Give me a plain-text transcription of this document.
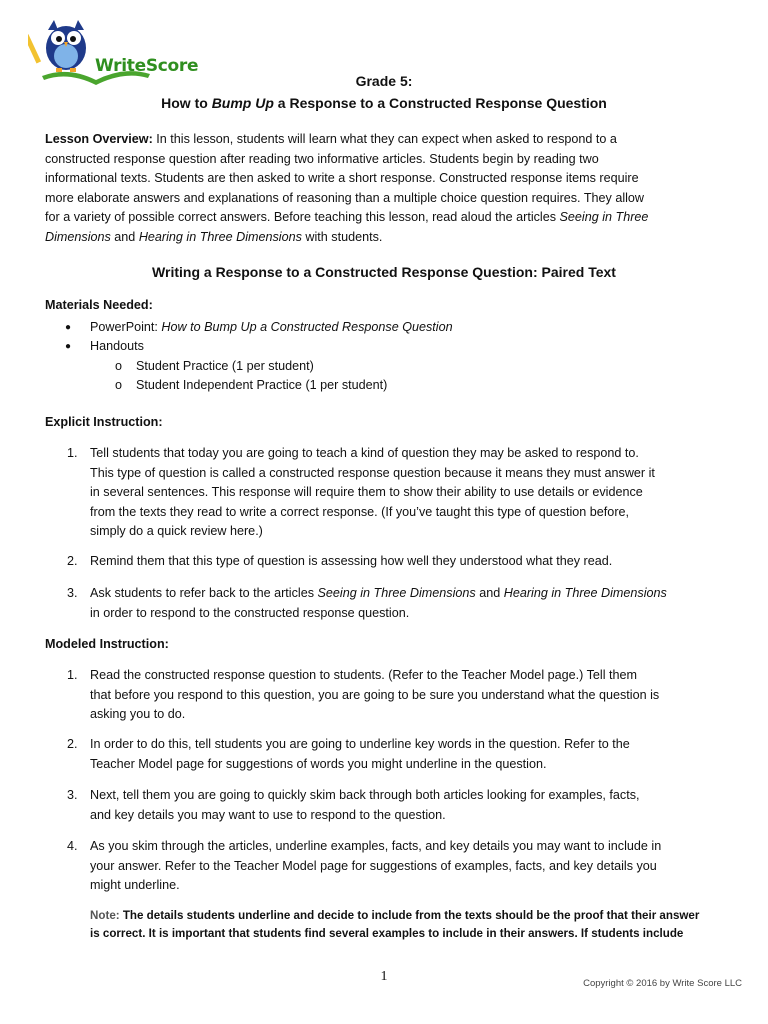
WriteScore
Grade 5:
How to Bump Up a Response to a Constructed Response Question
Lesson Overview: In this lesson, students will learn what they can expect when asked to respond to a
constructed response question after reading two informative articles. Students begin by reading two
informational texts. Students are then asked to write a short response. Constructed response items require
more elaborate answers and explanations of reasoning than a multiple choice question requires. They allow
for a variety of possible correct answers. Before teaching this lesson, read aloud the articles Seeing in Three
Dimensions and Hearing in Three Dimensions with students.
Writing a Response to a Constructed Response Question: Paired Text
Materials Needed:
● PowerPoint: How to Bump Up a Constructed Response Question
● Handouts
o Student Practice (1 per student)
o Student Independent Practice (1 per student)
Explicit Instruction:
1. Tell students that today you are going to teach a kind of question they may be asked to respond to.
This type of question is called a constructed response question because it means they must answer it
in several sentences. This response will require them to show their ability to use details or evidence
from the texts they read to write a correct response. (If you’ve taught this type of question before,
simply do a quick review here.)
2. Remind them that this type of question is assessing how well they understood what they read.
3. Ask students to refer back to the articles Seeing in Three Dimensions and Hearing in Three Dimensions
in order to respond to the constructed response question.
Modeled Instruction:
1. Read the constructed response question to students. (Refer to the Teacher Model page.) Tell them
that before you respond to this question, you are going to be sure you understand what the question is
asking you to do.
2. In order to do this, tell students you are going to underline key words in the question. Refer to the
Teacher Model page for suggestions of words you might underline in the question.
3. Next, tell them you are going to quickly skim back through both articles looking for examples, facts,
and key details you may want to use to respond to the question.
4. As you skim through the articles, underline examples, facts, and key details you may want to include in
your answer. Refer to the Teacher Model page for suggestions of examples, facts, and key details you
might underline.
Note: The details students underline and decide to include from the texts should be the proof that their answer
is correct. It is important that students find several examples to include in their answers. If students include
1	Copyright © 2016 by Write Score LLC
